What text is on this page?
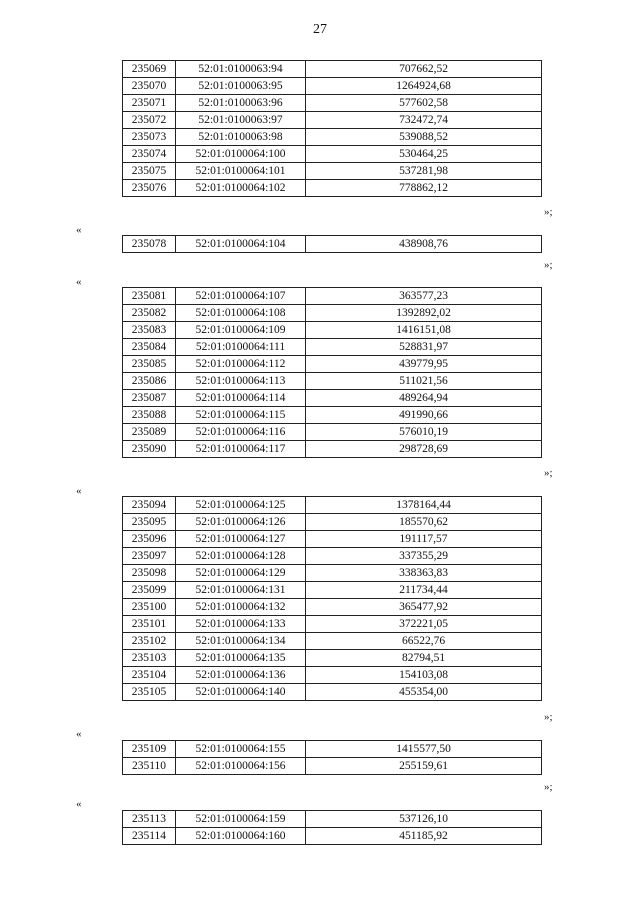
27
235069	52:01:0100063:94	707662,52
235070	52:01:0100063:95	1264924,68
235071	52:01:0100063:96	577602,58
235072	52:01:0100063:97	732472,74
235073	52:01:0100063:98	539088,52
235074	52:01:0100064:100	530464,25
235075	52:01:0100064:101	537281,98
235076	52:01:0100064:102	778862,12
»;
«
235078	52:01:0100064:104	438908,76
»;
«
235081	52:01:0100064:107	363577,23
235082	52:01:0100064:108	1392892,02
235083	52:01:0100064:109	1416151,08
235084	52:01:0100064:111	528831,97
235085	52:01:0100064:112	439779,95
235086	52:01:0100064:113	511021,56
235087	52:01:0100064:114	489264,94
235088	52:01:0100064:115	491990,66
235089	52:01:0100064:116	576010,19
235090	52:01:0100064:117	298728,69
»;
«
235094	52:01:0100064:125	1378164,44
235095	52:01:0100064:126	185570,62
235096	52:01:0100064:127	191117,57
235097	52:01:0100064:128	337355,29
235098	52:01:0100064:129	338363,83
235099	52:01:0100064:131	211734,44
235100	52:01:0100064:132	365477,92
235101	52:01:0100064:133	372221,05
235102	52:01:0100064:134	66522,76
235103	52:01:0100064:135	82794,51
235104	52:01:0100064:136	154103,08
235105	52:01:0100064:140	455354,00
»;
«
235109	52:01:0100064:155	1415577,50
235110	52:01:0100064:156	255159,61
»;
«
235113	52:01:0100064:159	537126,10
235114	52:01:0100064:160	451185,92
